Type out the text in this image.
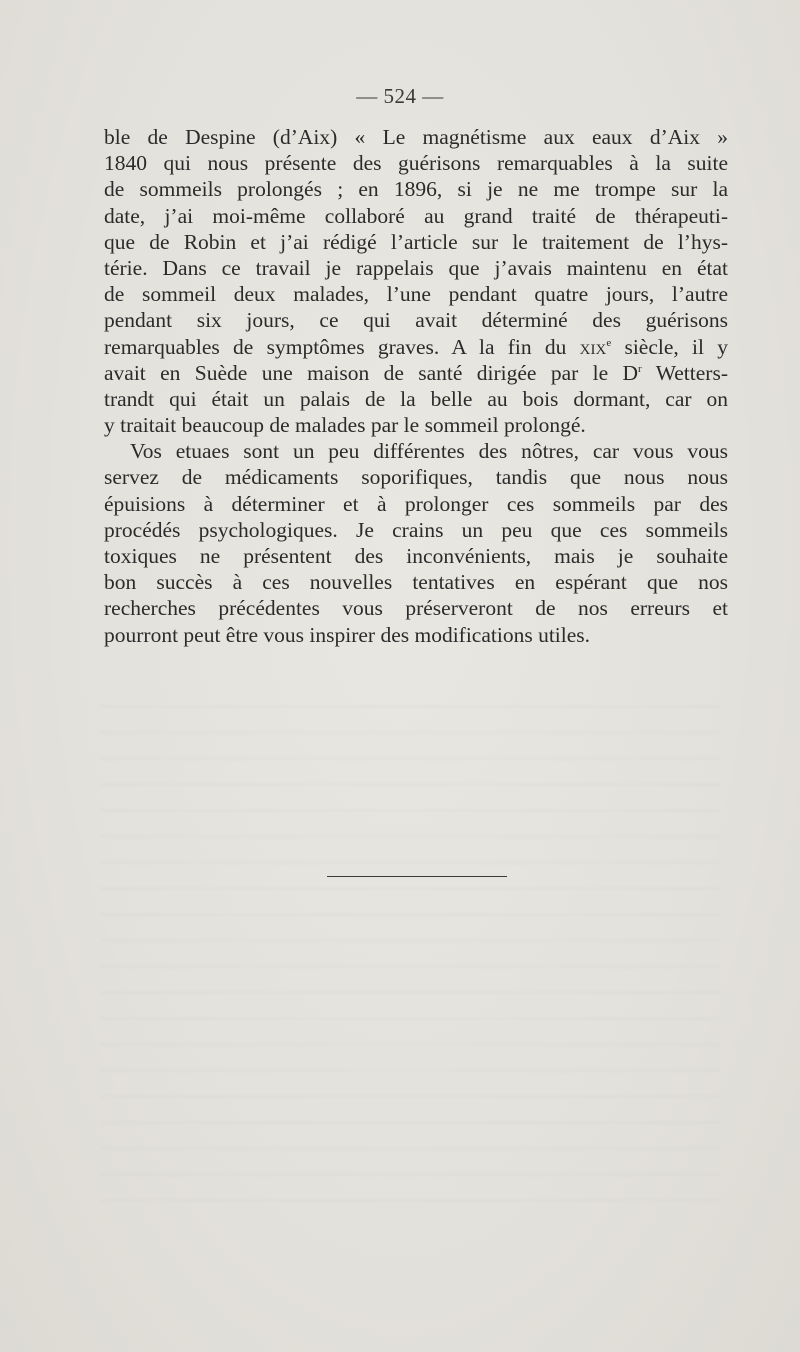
— 524 —
ble de Despine (d’Aix) « Le magnétisme aux eaux d’Aix »
1840 qui nous présente des guérisons remarquables à la suite
de sommeils prolongés ; en 1896, si je ne me trompe sur la
date, j’ai moi-même collaboré au grand traité de thérapeuti-
que de Robin et j’ai rédigé l’article sur le traitement de l’hys-
térie. Dans ce travail je rappelais que j’avais maintenu en état
de sommeil deux malades, l’une pendant quatre jours, l’autre
pendant six jours, ce qui avait déterminé des guérisons
remarquables de symptômes graves. A la fin du xix$^e$ siècle, il y
avait en Suède une maison de santé dirigée par le $D^r$ Wetters-
trandt qui était un palais de la belle au bois dormant, car on
y traitait beaucoup de malades par le sommeil prolongé.
Vos etuaes sont un peu différentes des nôtres, car vous vous
servez de médicaments soporifiques, tandis que nous nous
épuisions à déterminer et à prolonger ces sommeils par des
procédés psychologiques. Je crains un peu que ces sommeils
toxiques ne présentent des inconvénients, mais je souhaite
bon succès à ces nouvelles tentatives en espérant que nos
recherches précédentes vous préserveront de nos erreurs et
pourront peut être vous inspirer des modifications utiles.
